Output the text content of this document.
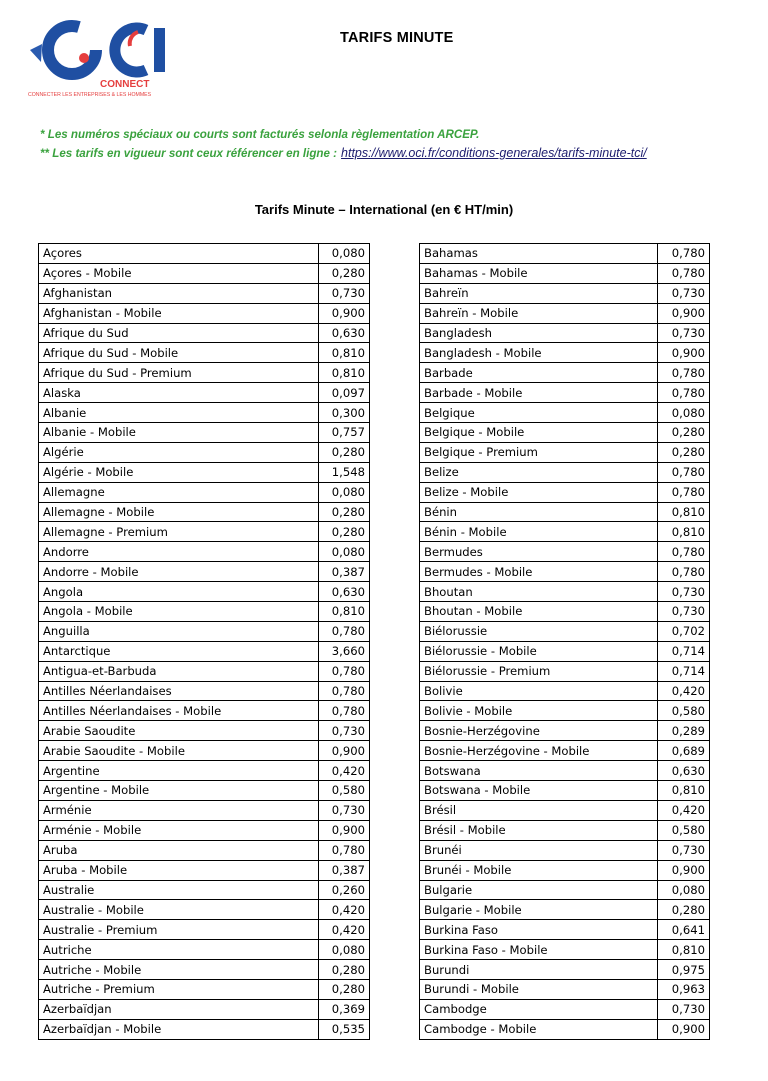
CONNECT
CONNECTER LES ENTREPRISES & LES HOMMES
TARIFS MINUTE
* Les numéros spéciaux ou courts sont facturés selonla règlementation ARCEP.
** Les tarifs en vigueur sont ceux référencer en ligne : https://www.oci.fr/conditions-generales/tarifs-minute-tci/
Tarifs Minute – International (en € HT/min)
Açores	0,080
Açores - Mobile	0,280
Afghanistan	0,730
Afghanistan - Mobile	0,900
Afrique du Sud	0,630
Afrique du Sud - Mobile	0,810
Afrique du Sud - Premium	0,810
Alaska	0,097
Albanie	0,300
Albanie - Mobile	0,757
Algérie	0,280
Algérie - Mobile	1,548
Allemagne	0,080
Allemagne - Mobile	0,280
Allemagne - Premium	0,280
Andorre	0,080
Andorre - Mobile	0,387
Angola	0,630
Angola - Mobile	0,810
Anguilla	0,780
Antarctique	3,660
Antigua-et-Barbuda	0,780
Antilles Néerlandaises	0,780
Antilles Néerlandaises - Mobile	0,780
Arabie Saoudite	0,730
Arabie Saoudite - Mobile	0,900
Argentine	0,420
Argentine - Mobile	0,580
Arménie	0,730
Arménie - Mobile	0,900
Aruba	0,780
Aruba - Mobile	0,387
Australie	0,260
Australie - Mobile	0,420
Australie - Premium	0,420
Autriche	0,080
Autriche - Mobile	0,280
Autriche - Premium	0,280
Azerbaïdjan	0,369
Azerbaïdjan - Mobile	0,535
Bahamas	0,780
Bahamas - Mobile	0,780
Bahreïn	0,730
Bahreïn - Mobile	0,900
Bangladesh	0,730
Bangladesh - Mobile	0,900
Barbade	0,780
Barbade - Mobile	0,780
Belgique	0,080
Belgique - Mobile	0,280
Belgique - Premium	0,280
Belize	0,780
Belize - Mobile	0,780
Bénin	0,810
Bénin - Mobile	0,810
Bermudes	0,780
Bermudes - Mobile	0,780
Bhoutan	0,730
Bhoutan - Mobile	0,730
Biélorussie	0,702
Biélorussie - Mobile	0,714
Biélorussie - Premium	0,714
Bolivie	0,420
Bolivie - Mobile	0,580
Bosnie-Herzégovine	0,289
Bosnie-Herzégovine - Mobile	0,689
Botswana	0,630
Botswana - Mobile	0,810
Brésil	0,420
Brésil - Mobile	0,580
Brunéi	0,730
Brunéi - Mobile	0,900
Bulgarie	0,080
Bulgarie - Mobile	0,280
Burkina Faso	0,641
Burkina Faso - Mobile	0,810
Burundi	0,975
Burundi - Mobile	0,963
Cambodge	0,730
Cambodge - Mobile	0,900
